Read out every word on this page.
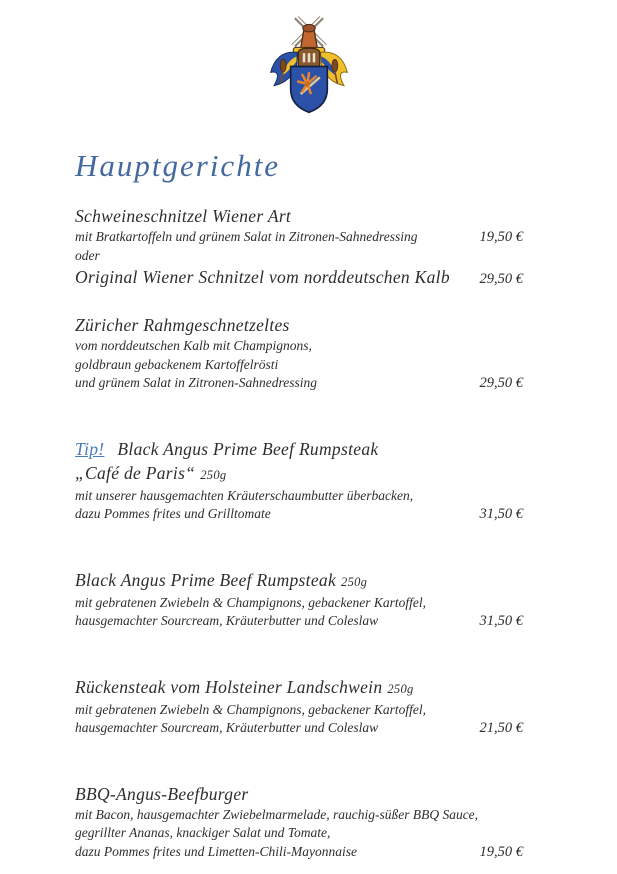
Hauptgerichte
Schweineschnitzel Wiener Art
mit Bratkartoffeln und grünem Salat in Zitronen-Sahnedressing	19,50 €
oder
Original Wiener Schnitzel vom norddeutschen Kalb	29,50 €
Züricher Rahmgeschnetzeltes
vom norddeutschen Kalb mit Champignons,
goldbraun gebackenem Kartoffelrösti
und grünem Salat in Zitronen-Sahnedressing	29,50 €
Tip! Black Angus Prime Beef Rumpsteak
„Café de Paris“ 250g
mit unserer hausgemachten Kräuterschaumbutter überbacken,
dazu Pommes frites und Grilltomate	31,50 €
Black Angus Prime Beef Rumpsteak 250g
mit gebratenen Zwiebeln & Champignons, gebackener Kartoffel,
hausgemachter Sourcream, Kräuterbutter und Coleslaw	31,50 €
Rückensteak vom Holsteiner Landschwein 250g
mit gebratenen Zwiebeln & Champignons, gebackener Kartoffel,
hausgemachter Sourcream, Kräuterbutter und Coleslaw	21,50 €
BBQ-Angus-Beefburger
mit Bacon, hausgemachter Zwiebelmarmelade, rauchig-süßer BBQ Sauce,
gegrillter Ananas, knackiger Salat und Tomate,
dazu Pommes frites und Limetten-Chili-Mayonnaise	19,50 €
